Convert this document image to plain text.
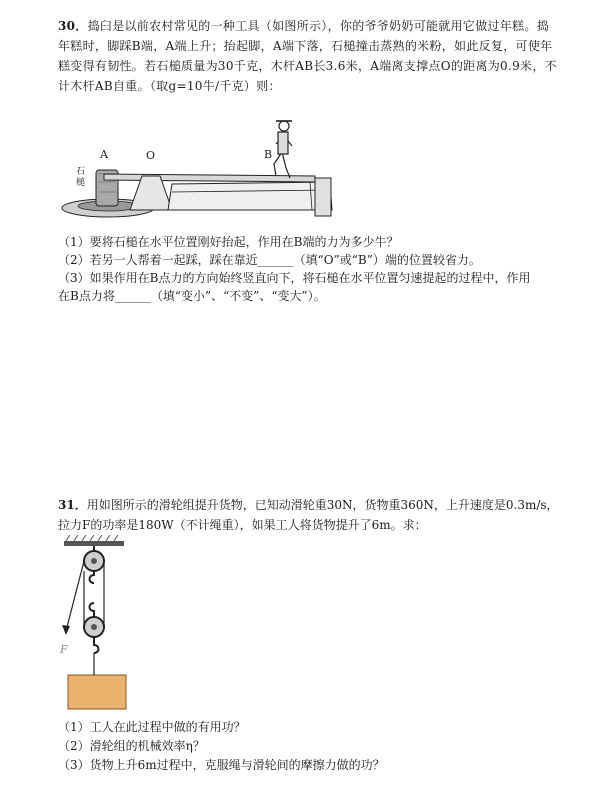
30．捣臼是以前农村常见的一种工具（如图所示），你的爷爷奶奶可能就用它做过年糕。捣年糕时，脚踩B端，A端上升；抬起脚，A端下落，石槌撞击蒸熟的米粉，如此反复，可使年糕变得有韧性。若石槌质量为30千克，木杆AB长3.6米，A端离支撑点O的距离为0.9米，不计木杆AB自重。（取g=10牛/千克）则：
A	O	B
石
槌
（1）要将石槌在水平位置刚好抬起，作用在B端的力为多少牛？
（2）若另一人帮着一起踩，踩在靠近______（填“O”或“B”）端的位置较省力。
（3）如果作用在B点力的方向始终竖直向下，将石槌在水平位置匀速提起的过程中，作用
在B点力将______（填“变小”、“不变”、“变大”）。
31．用如图所示的滑轮组提升货物，已知动滑轮重30N，货物重360N，上升速度是0.3m/s，
拉力F的功率是180W（不计绳重），如果工人将货物提升了6m。求：
F
（1）工人在此过程中做的有用功？
（2）滑轮组的机械效率η？
（3）货物上升6m过程中，克服绳与滑轮间的摩擦力做的功？
